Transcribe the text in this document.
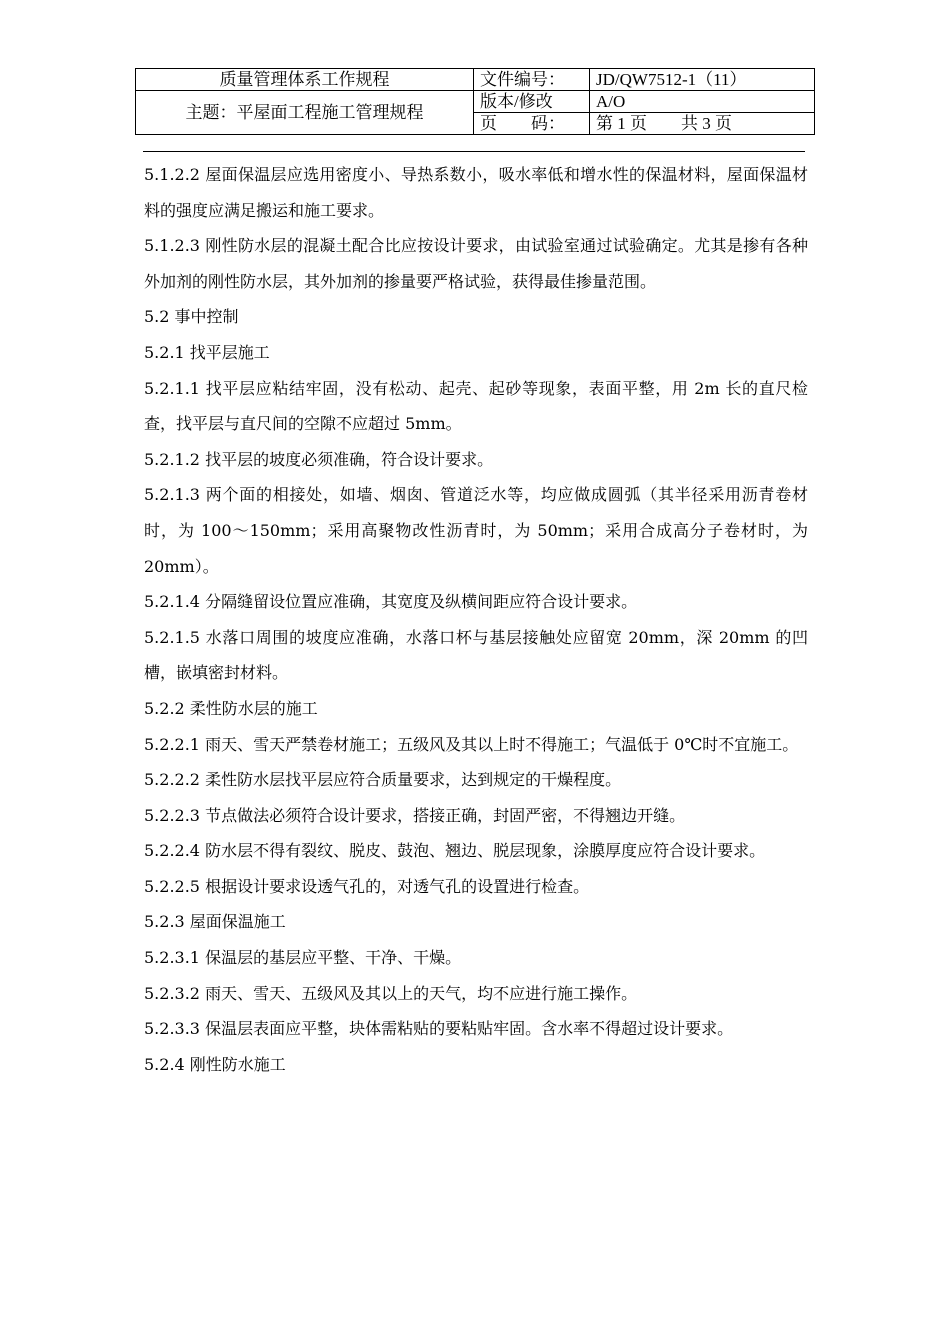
质量管理体系工作规程	文件编号：	JD/QW7512-1（11）
主题：平屋面工程施工管理规程	版本/修改	A/O
	页　　码：	第 1 页 共 3 页

5.1.2.2 屋面保温层应选用密度小、导热系数小，吸水率低和增水性的保温材料，屋面保温材料的强度应满足搬运和施工要求。

5.1.2.3 刚性防水层的混凝土配合比应按设计要求，由试验室通过试验确定。尤其是掺有各种外加剂的刚性防水层，其外加剂的掺量要严格试验，获得最佳掺量范围。

5.2 事中控制

5.2.1 找平层施工

5.2.1.1 找平层应粘结牢固，没有松动、起壳、起砂等现象，表面平整，用 2m 长的直尺检查，找平层与直尺间的空隙不应超过 5mm。

5.2.1.2 找平层的坡度必须准确，符合设计要求。

5.2.1.3 两个面的相接处，如墙、烟囱、管道泛水等，均应做成圆弧（其半径采用沥青卷材时，为 100～150mm；采用高聚物改性沥青时，为 50mm；采用合成高分子卷材时，为 20mm）。

5.2.1.4 分隔缝留设位置应准确，其宽度及纵横间距应符合设计要求。

5.2.1.5 水落口周围的坡度应准确，水落口杯与基层接触处应留宽 20mm，深 20mm 的凹槽，嵌填密封材料。

5.2.2 柔性防水层的施工

5.2.2.1 雨天、雪天严禁卷材施工；五级风及其以上时不得施工；气温低于 0℃时不宜施工。

5.2.2.2 柔性防水层找平层应符合质量要求，达到规定的干燥程度。

5.2.2.3 节点做法必须符合设计要求，搭接正确，封固严密，不得翘边开缝。

5.2.2.4 防水层不得有裂纹、脱皮、鼓泡、翘边、脱层现象，涂膜厚度应符合设计要求。

5.2.2.5 根据设计要求设透气孔的，对透气孔的设置进行检查。

5.2.3 屋面保温施工

5.2.3.1 保温层的基层应平整、干净、干燥。

5.2.3.2 雨天、雪天、五级风及其以上的天气，均不应进行施工操作。

5.2.3.3 保温层表面应平整，块体需粘贴的要粘贴牢固。含水率不得超过设计要求。

5.2.4 刚性防水施工
